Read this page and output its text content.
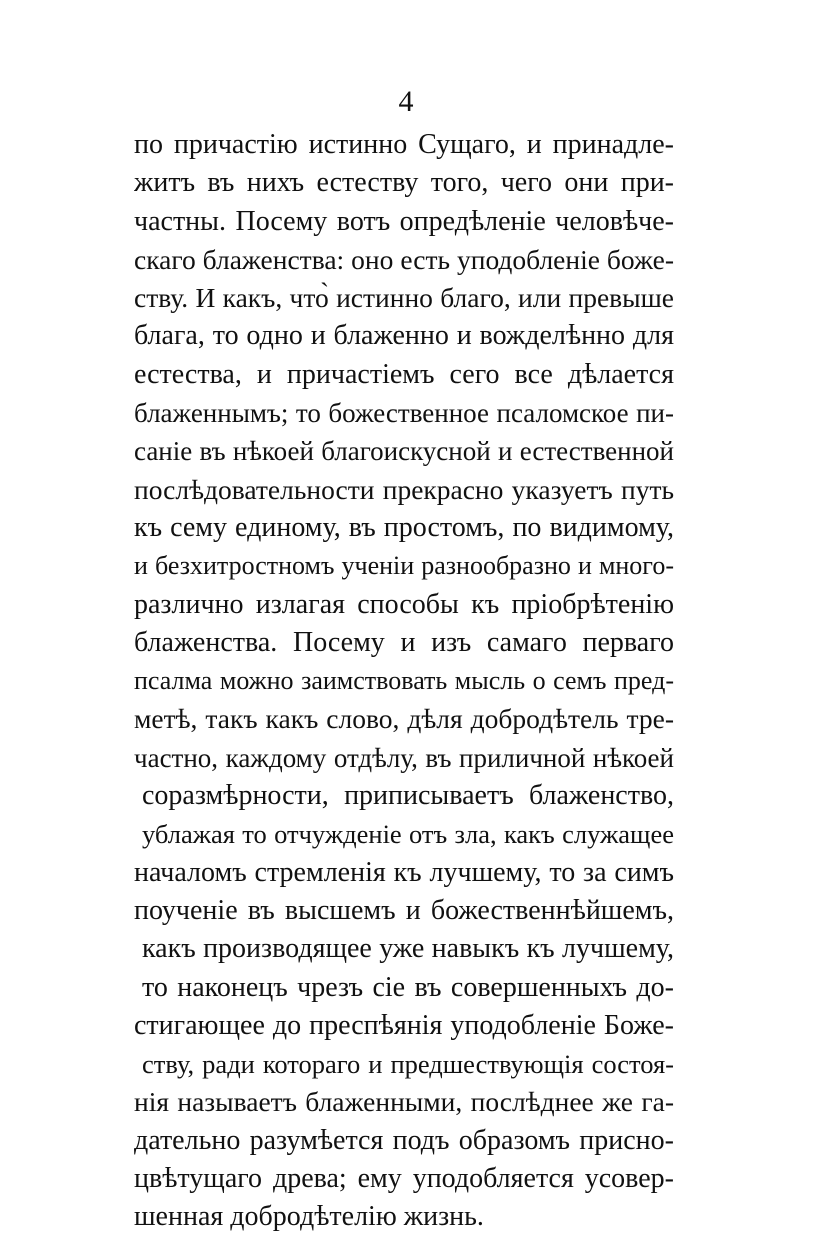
4
по причастію истинно Сущаго, и принадле-
житъ въ нихъ естеству того, чего они при-
частны. Посему вотъ опредѣленіе человѣче-
скаго блаженства: оно есть уподобленіе боже-
ству. И какъ, что̀ истинно благо, или превыше
блага, то одно и блаженно и вожделѣнно для
естества, и причастіемъ сего все дѣлается
блаженнымъ; то божественное псаломское пи-
саніе въ нѣкоей благоискусной и естественной
послѣдовательности прекрасно указуетъ путь
къ сему единому, въ простомъ, по видимому,
и безхитростномъ ученіи разнообразно и много-
различно излагая способы къ пріобрѣтенію
блаженства. Посему и изъ самаго перваго
псалма можно заимствовать мысль о семъ пред-
метѣ, такъ какъ слово, дѣля добродѣтель тре-
частно, каждому отдѣлу, въ приличной нѣкоей
соразмѣрности, приписываетъ блаженство,
ублажая то отчужденіе отъ зла, какъ служащее
началомъ стремленія къ лучшему, то за симъ
поученіе въ высшемъ и божественнѣйшемъ,
какъ производящее уже навыкъ къ лучшему,
то наконецъ чрезъ сіе въ совершенныхъ до-
стигающее до преспѣянія уподобленіе Боже-
ству, ради котораго и предшествующія состоя-
нія называетъ блаженными, послѣднее же га-
дательно разумѣется подъ образомъ присно-
цвѣтущаго древа; ему уподобляется усовер-
шенная добродѣтелію жизнь.
